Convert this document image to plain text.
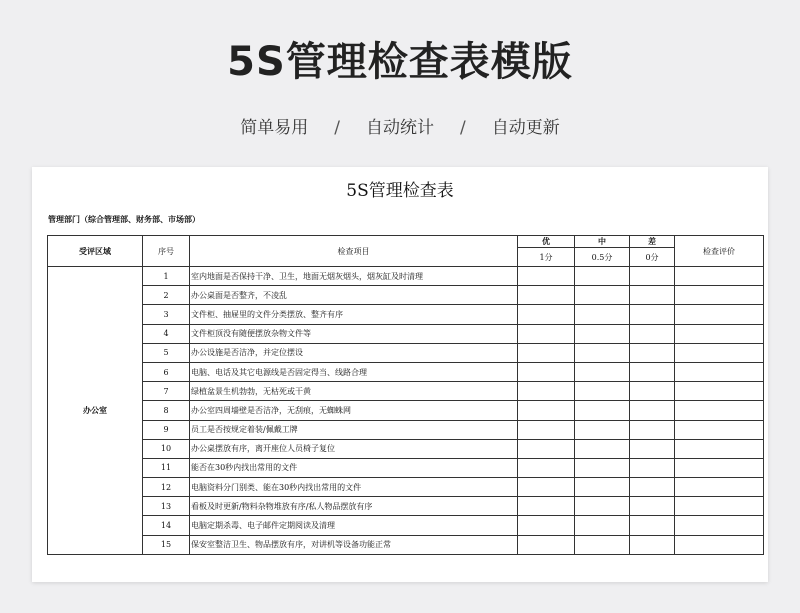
5S管理检查表模版
简单易用 / 自动统计 / 自动更新
5S管理检查表
管理部门（综合管理部、财务部、市场部）
受评区域	序号	检查项目	优	中	差	检查评价
			1分	0.5分	0分	
办公室	1	室内地面是否保持干净、卫生，地面无烟灰烟头，烟灰缸及时清理				
	2	办公桌面是否整齐，不凌乱				
	3	文件柜、抽屉里的文件分类摆放、整齐有序				
	4	文件柜顶没有随便摆放杂物文件等				
	5	办公设施是否洁净，并定位摆设				
	6	电脑、电话及其它电源线是否固定得当、线路合理				
	7	绿植盆景生机勃勃，无枯死或干黄				
	8	办公室四周墙壁是否洁净，无刮痕，无蜘蛛网				
	9	员工是否按规定着装/佩戴工牌				
	10	办公桌摆放有序，离开座位人员椅子复位				
	11	能否在30秒内找出常用的文件				
	12	电脑资料分门别类、能在30秒内找出常用的文件				
	13	看板及时更新/物料杂物堆放有序/私人物品摆放有序				
	14	电脑定期杀毒、电子邮件定期阅读及清理				
	15	保安室整洁卫生、物品摆放有序，对讲机等设备功能正常				
